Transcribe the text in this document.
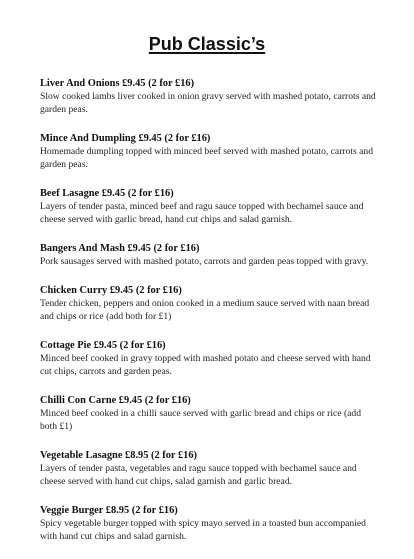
Pub Classic’s
Liver And Onions £9.45 (2 for £16)
Slow cooked lambs liver cooked in onion gravy served with mashed potato, carrots and garden peas.
Mince And Dumpling £9.45 (2 for £16)
Homemade dumpling topped with minced beef served with mashed potato, carrots and garden peas.
Beef Lasagne £9.45 (2 for £16)
Layers of tender pasta, minced beef and ragu sauce topped with bechamel sauce and cheese served with garlic bread, hand cut chips and salad garnish.
Bangers And Mash £9.45 (2 for £16)
Pork sausages served with mashed potato, carrots and garden peas topped with gravy.
Chicken Curry £9.45 (2 for £16)
Tender chicken, peppers and onion cooked in a medium sauce served with naan bread and chips or rice (add both for £1)
Cottage Pie £9.45 (2 for £16)
Minced beef cooked in gravy topped with mashed potato and cheese served with hand cut chips, carrots and garden peas.
Chilli Con Carne £9.45 (2 for £16)
Minced beef cooked in a chilli sauce served with garlic bread and chips or rice (add both £1)
Vegetable Lasagne £8.95 (2 for £16)
Layers of tender pasta, vegetables and ragu sauce topped with bechamel sauce and cheese served with hand cut chips, salad garnish and garlic bread.
Veggie Burger £8.95 (2 for £16)
Spicy vegetable burger topped with spicy mayo served in a toasted bun accompanied with hand cut chips and salad garnish.
